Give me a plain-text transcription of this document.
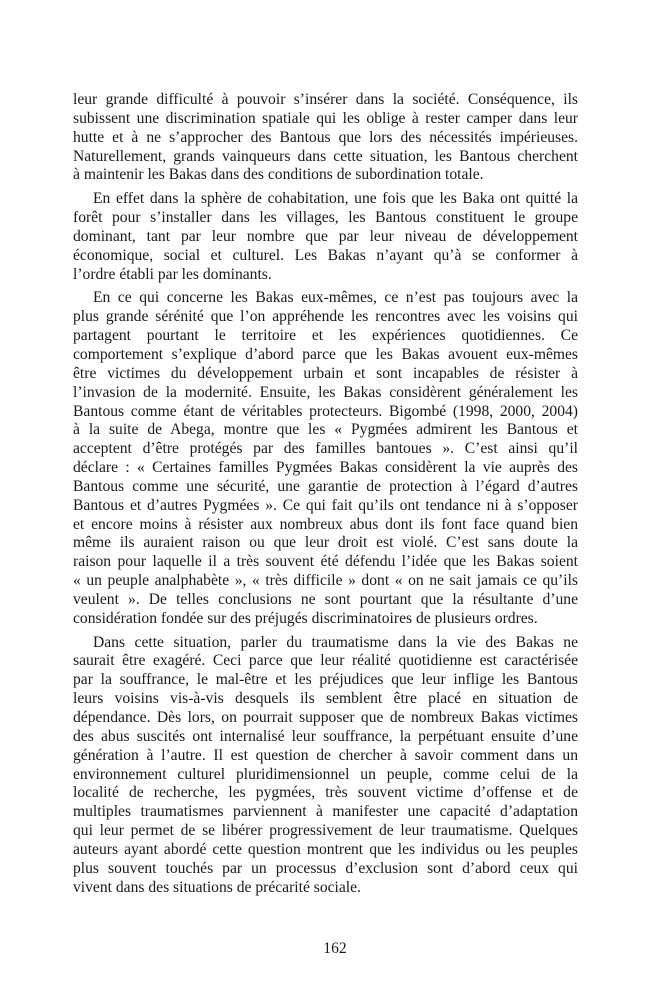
leur grande difficulté à pouvoir s’insérer dans la société. Conséquence, ils
subissent une discrimination spatiale qui les oblige à rester camper dans leur
hutte et à ne s’approcher des Bantous que lors des nécessités impérieuses.
Naturellement, grands vainqueurs dans cette situation, les Bantous cherchent
à maintenir les Bakas dans des conditions de subordination totale.
En effet dans la sphère de cohabitation, une fois que les Baka ont quitté la
forêt pour s’installer dans les villages, les Bantous constituent le groupe
dominant, tant par leur nombre que par leur niveau de développement
économique, social et culturel. Les Bakas n’ayant qu’à se conformer à
l’ordre établi par les dominants.
En ce qui concerne les Bakas eux-mêmes, ce n’est pas toujours avec la
plus grande sérénité que l’on appréhende les rencontres avec les voisins qui
partagent pourtant le territoire et les expériences quotidiennes. Ce
comportement s’explique d’abord parce que les Bakas avouent eux-mêmes
être victimes du développement urbain et sont incapables de résister à
l’invasion de la modernité. Ensuite, les Bakas considèrent généralement les
Bantous comme étant de véritables protecteurs. Bigombé (1998, 2000, 2004)
à la suite de Abega, montre que les « Pygmées admirent les Bantous et
acceptent d’être protégés par des familles bantoues ». C’est ainsi qu’il
déclare : « Certaines familles Pygmées Bakas considèrent la vie auprès des
Bantous comme une sécurité, une garantie de protection à l’égard d’autres
Bantous et d’autres Pygmées ». Ce qui fait qu’ils ont tendance ni à s’opposer
et encore moins à résister aux nombreux abus dont ils font face quand bien
même ils auraient raison ou que leur droit est violé. C’est sans doute la
raison pour laquelle il a très souvent été défendu l’idée que les Bakas soient
« un peuple analphabète », « très difficile » dont « on ne sait jamais ce qu’ils
veulent ». De telles conclusions ne sont pourtant que la résultante d’une
considération fondée sur des préjugés discriminatoires de plusieurs ordres.
Dans cette situation, parler du traumatisme dans la vie des Bakas ne
saurait être exagéré. Ceci parce que leur réalité quotidienne est caractérisée
par la souffrance, le mal-être et les préjudices que leur inflige les Bantous
leurs voisins vis-à-vis desquels ils semblent être placé en situation de
dépendance. Dès lors, on pourrait supposer que de nombreux Bakas victimes
des abus suscités ont internalisé leur souffrance, la perpétuant ensuite d’une
génération à l’autre. Il est question de chercher à savoir comment dans un
environnement culturel pluridimensionnel un peuple, comme celui de la
localité de recherche, les pygmées, très souvent victime d’offense et de
multiples traumatismes parviennent à manifester une capacité d’adaptation
qui leur permet de se libérer progressivement de leur traumatisme. Quelques
auteurs ayant abordé cette question montrent que les individus ou les peuples
plus souvent touchés par un processus d’exclusion sont d’abord ceux qui
vivent dans des situations de précarité sociale.
162
